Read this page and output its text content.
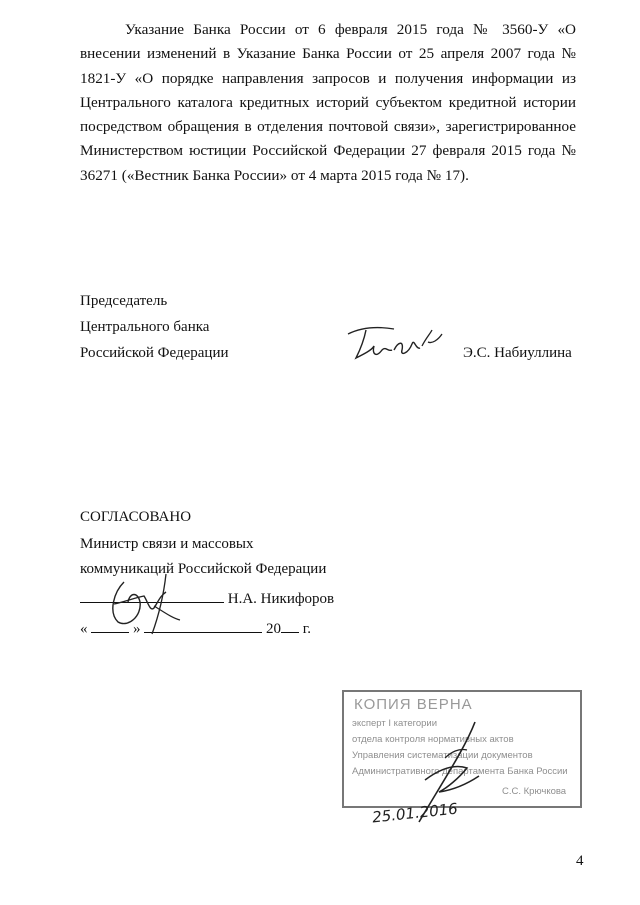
Указание Банка России от 6 февраля 2015 года № 3560-У «О внесении изменений в Указание Банка России от 25 апреля 2007 года № 1821-У «О порядке направления запросов и получения информации из Центрального каталога кредитных историй субъектом кредитной истории посредством обращения в отделения почтовой связи», зарегистрированное Министерством юстиции Российской Федерации 27 февраля 2015 года № 36271 («Вестник Банка России» от 4 марта 2015 года № 17).

Председатель
Центрального банка
Российской Федерации	Э.С. Набиуллина
СОГЛАСОВАНО
Министр связи и массовых
коммуникаций Российской Федерации
Н.А. Никифоров
«	»	20 г.
КОПИЯ ВЕРНА
эксперт I категории
отдела контроля нормативных актов
Управления систематизации документов
Административного департамента Банка России
С.С. Крючкова
25.01.2016
4
